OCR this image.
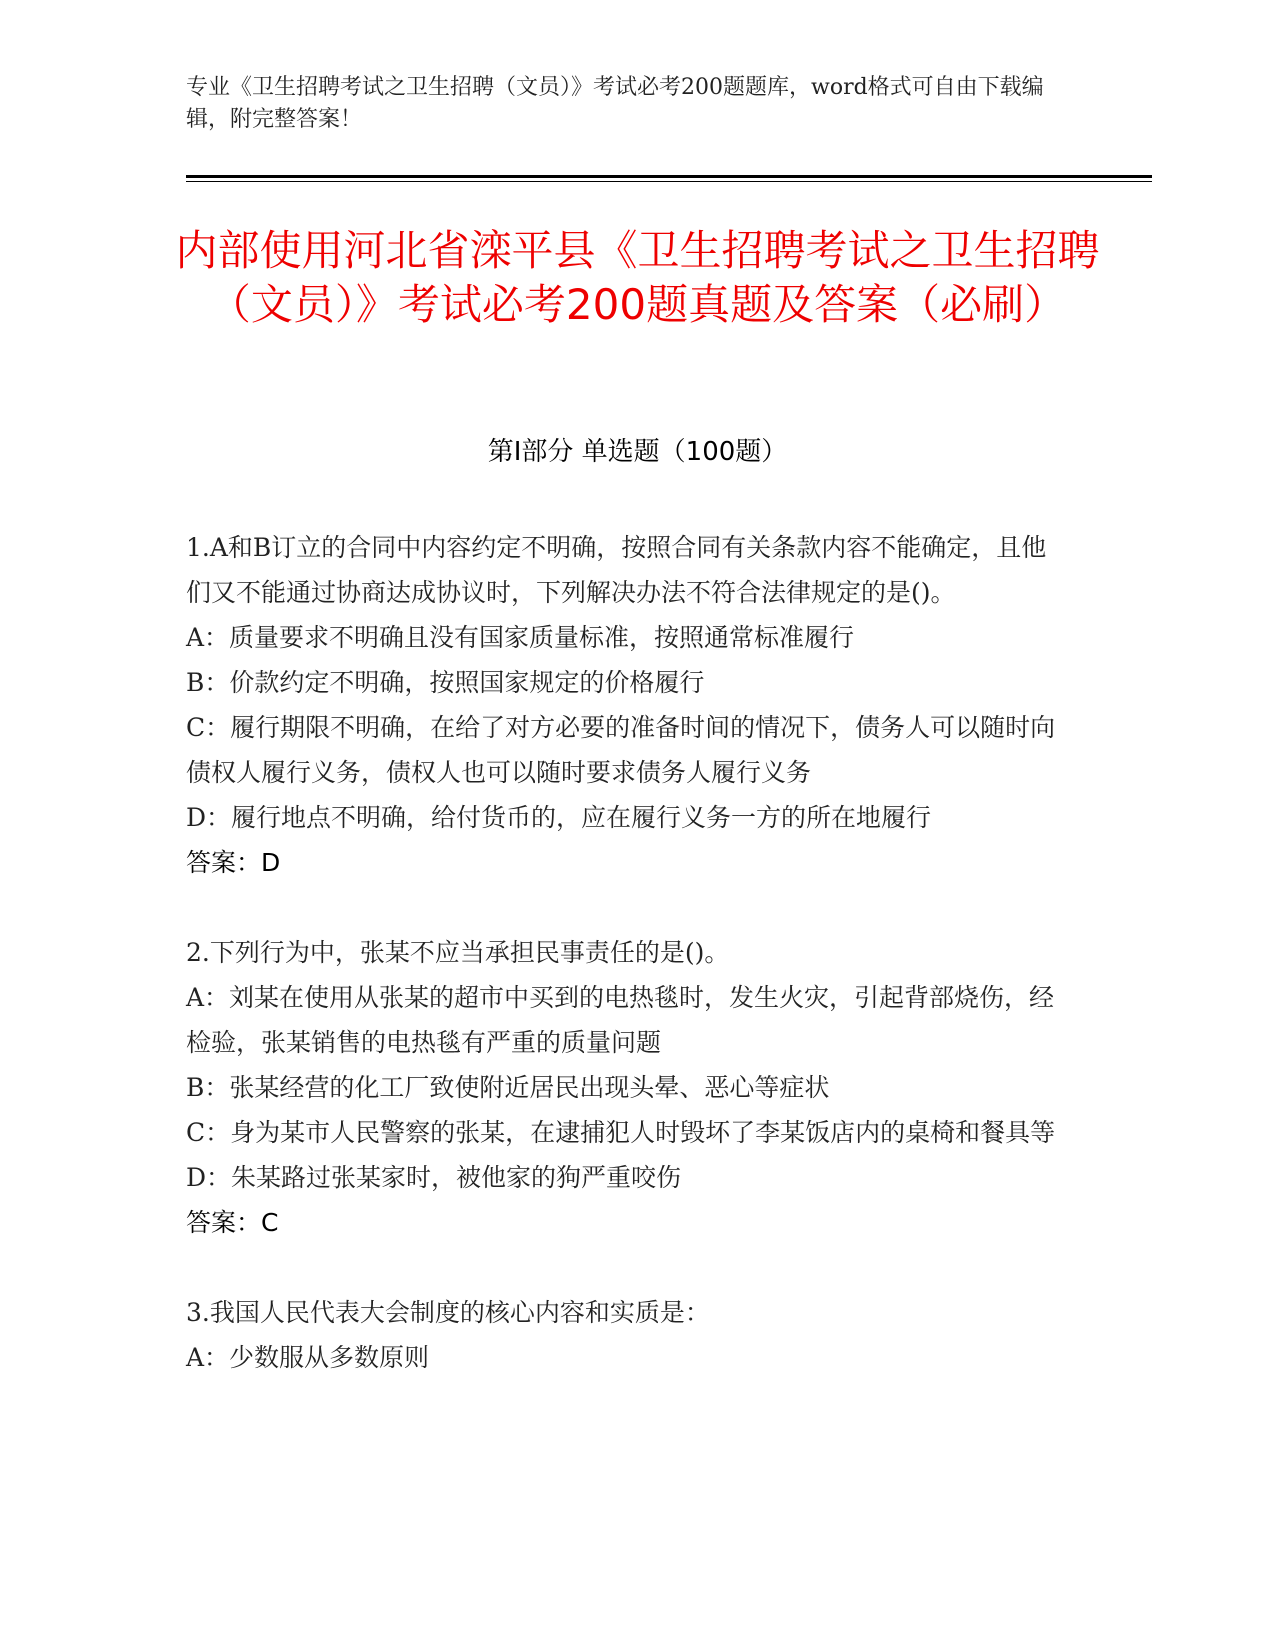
专业《卫生招聘考试之卫生招聘（文员）》考试必考200题题库，word格式可自由下载编辑，附完整答案！
内部使用河北省滦平县《卫生招聘考试之卫生招聘（文员）》考试必考200题真题及答案（必刷）
第I部分 单选题（100题）

1.A和B订立的合同中内容约定不明确，按照合同有关条款内容不能确定，且他们又不能通过协商达成协议时，下列解决办法不符合法律规定的是()。

A：质量要求不明确且没有国家质量标准，按照通常标准履行

B：价款约定不明确，按照国家规定的价格履行

C：履行期限不明确，在给了对方必要的准备时间的情况下，债务人可以随时向债权人履行义务，债权人也可以随时要求债务人履行义务

D：履行地点不明确，给付货币的，应在履行义务一方的所在地履行

答案：D

2.下列行为中，张某不应当承担民事责任的是()。

A：刘某在使用从张某的超市中买到的电热毯时，发生火灾，引起背部烧伤，经检验，张某销售的电热毯有严重的质量问题

B：张某经营的化工厂致使附近居民出现头晕、恶心等症状

C：身为某市人民警察的张某，在逮捕犯人时毁坏了李某饭店内的桌椅和餐具等

D：朱某路过张某家时，被他家的狗严重咬伤

答案：C

3.我国人民代表大会制度的核心内容和实质是：

A：少数服从多数原则
